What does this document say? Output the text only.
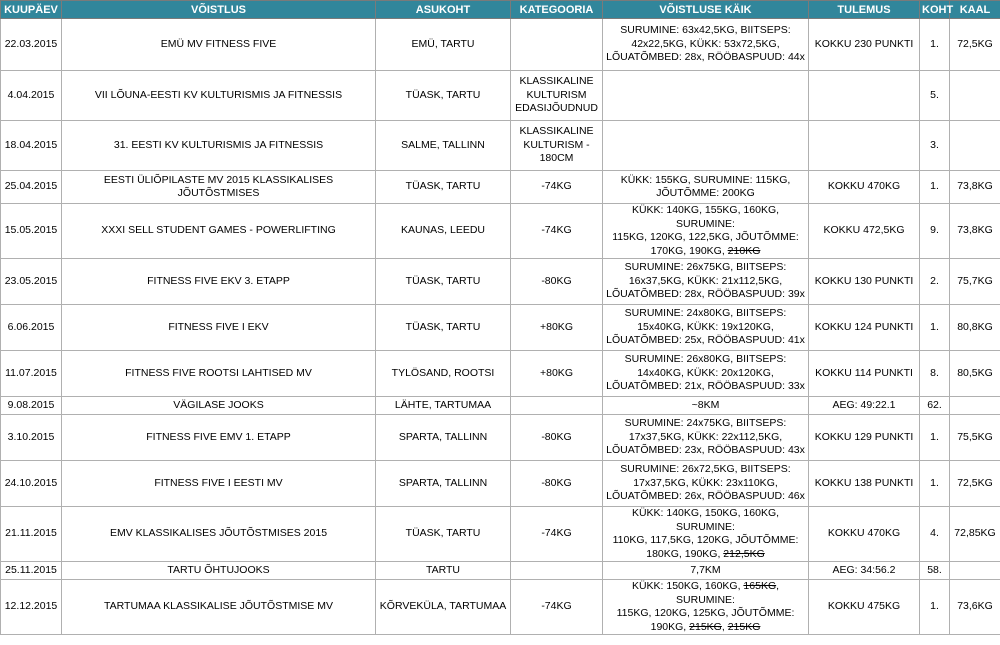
KUUPÄEV	VÕISTLUS	ASUKOHT	KATEGOORIA	VÕISTLUSE KÄIK	TULEMUS	KOHT	KAAL
22.03.2015	EMÜ MV FITNESS FIVE	EMÜ, TARTU		SURUMINE: 63x42,5KG, BIITSEPS:
42x22,5KG, KÜKK: 53x72,5KG,
LÕUATÕMBED: 28x, RÖÖBASPUUD: 44x	KOKKU 230 PUNKTI	1.	72,5KG
4.04.2015	VII LÕUNA-EESTI KV KULTURISMIS JA FITNESSIS	TÜASK, TARTU	KLASSIKALINE KULTURISM EDASIJÕUDNUD			5.	
18.04.2015	31. EESTI KV KULTURISMIS JA FITNESSIS	SALME, TALLINN	KLASSIKALINE KULTURISM - 180CM			3.	
25.04.2015	EESTI ÜLIÕPILASTE MV 2015 KLASSIKALISES JÕUTÕSTMISES	TÜASK, TARTU	-74KG	KÜKK: 155KG, SURUMINE: 115KG,
JÕUTÕMME: 200KG	KOKKU 470KG	1.	73,8KG
15.05.2015	XXXI SELL STUDENT GAMES - POWERLIFTING	KAUNAS, LEEDU	-74KG	KÜKK: 140KG, 155KG, 160KG, SURUMINE:
115KG, 120KG, 122,5KG, JÕUTÕMME:
170KG, 190KG, 210KG	KOKKU 472,5KG	9.	73,8KG
23.05.2015	FITNESS FIVE EKV 3. ETAPP	TÜASK, TARTU	-80KG	SURUMINE: 26x75KG, BIITSEPS:
16x37,5KG, KÜKK: 21x112,5KG,
LÕUATÕMBED: 28x, RÖÖBASPUUD: 39x	KOKKU 130 PUNKTI	2.	75,7KG
6.06.2015	FITNESS FIVE I EKV	TÜASK, TARTU	+80KG	SURUMINE: 24x80KG, BIITSEPS:
15x40KG, KÜKK: 19x120KG,
LÕUATÕMBED: 25x, RÖÖBASPUUD: 41x	KOKKU 124 PUNKTI	1.	80,8KG
11.07.2015	FITNESS FIVE ROOTSI LAHTISED MV	TYLÖSAND, ROOTSI	+80KG	SURUMINE: 26x80KG, BIITSEPS:
14x40KG, KÜKK: 20x120KG,
LÕUATÕMBED: 21x, RÖÖBASPUUD: 33x	KOKKU 114 PUNKTI	8.	80,5KG
9.08.2015	VÄGILASE JOOKS	LÄHTE, TARTUMAA		~8KM	AEG: 49:22.1	62.	
3.10.2015	FITNESS FIVE EMV 1. ETAPP	SPARTA, TALLINN	-80KG	SURUMINE: 24x75KG, BIITSEPS:
17x37,5KG, KÜKK: 22x112,5KG,
LÕUATÕMBED: 23x, RÖÖBASPUUD: 43x	KOKKU 129 PUNKTI	1.	75,5KG
24.10.2015	FITNESS FIVE I EESTI MV	SPARTA, TALLINN	-80KG	SURUMINE: 26x72,5KG, BIITSEPS:
17x37,5KG, KÜKK: 23x110KG,
LÕUATÕMBED: 26x, RÖÖBASPUUD: 46x	KOKKU 138 PUNKTI	1.	72,5KG
21.11.2015	EMV KLASSIKALISES JÕUTÕSTMISES 2015	TÜASK, TARTU	-74KG	KÜKK: 140KG, 150KG, 160KG, SURUMINE:
110KG, 117,5KG, 120KG, JÕUTÕMME:
180KG, 190KG, 212,5KG	KOKKU 470KG	4.	72,85KG
25.11.2015	TARTU ÕHTUJOOKS	TARTU		7,7KM	AEG: 34:56.2	58.	
12.12.2015	TARTUMAA KLASSIKALISE JÕUTÕSTMISE MV	KÕRVEKÜLA, TARTUMAA	-74KG	KÜKK: 150KG, 160KG, 165KG, SURUMINE:
115KG, 120KG, 125KG, JÕUTÕMME:
190KG, 215KG, 215KG	KOKKU 475KG	1.	73,6KG
